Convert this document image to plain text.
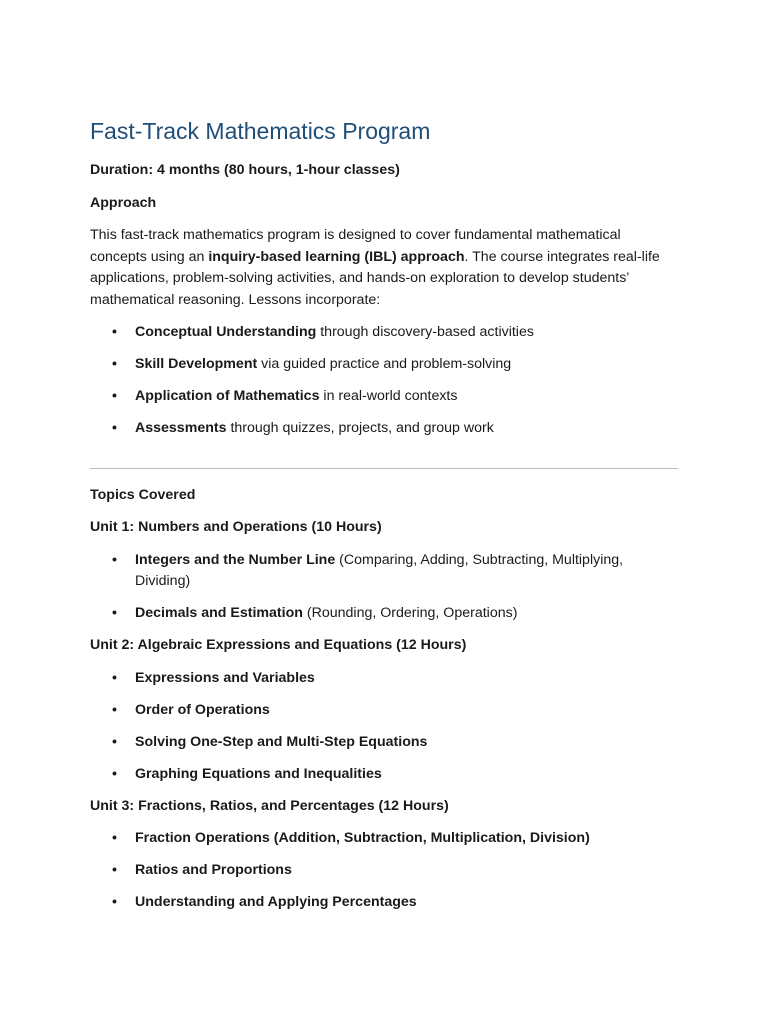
Fast-Track Mathematics Program

Duration: 4 months (80 hours, 1-hour classes)

Approach

This fast-track mathematics program is designed to cover fundamental mathematical concepts using an inquiry-based learning (IBL) approach. The course integrates real-life applications, problem-solving activities, and hands-on exploration to develop students’ mathematical reasoning. Lessons incorporate:

• Conceptual Understanding through discovery-based activities
• Skill Development via guided practice and problem-solving
• Application of Mathematics in real-world contexts
• Assessments through quizzes, projects, and group work

Topics Covered

Unit 1: Numbers and Operations (10 Hours)

• Integers and the Number Line (Comparing, Adding, Subtracting, Multiplying, Dividing)
• Decimals and Estimation (Rounding, Ordering, Operations)

Unit 2: Algebraic Expressions and Equations (12 Hours)

• Expressions and Variables
• Order of Operations
• Solving One-Step and Multi-Step Equations
• Graphing Equations and Inequalities

Unit 3: Fractions, Ratios, and Percentages (12 Hours)

• Fraction Operations (Addition, Subtraction, Multiplication, Division)
• Ratios and Proportions
• Understanding and Applying Percentages
